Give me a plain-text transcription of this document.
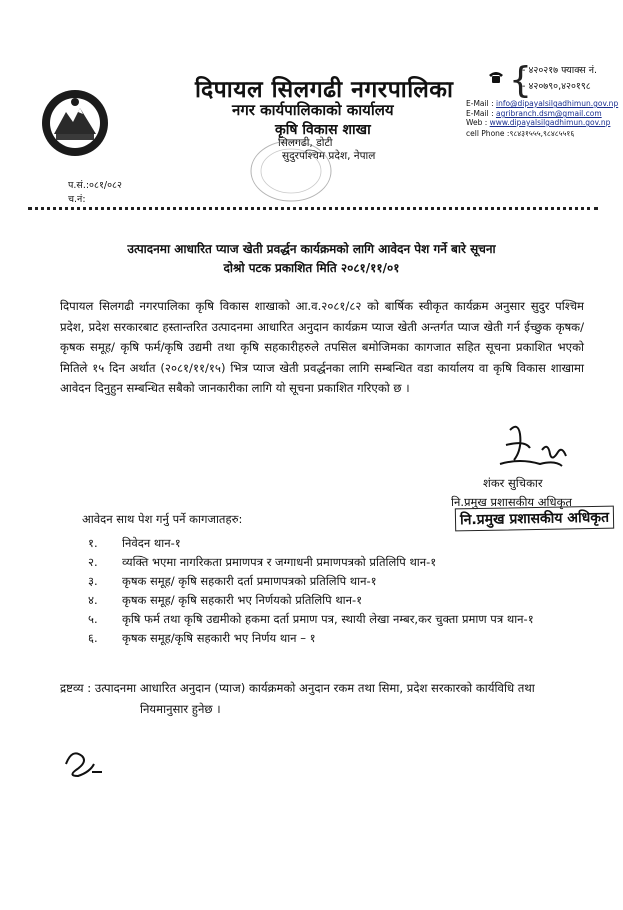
दिपायल सिलगढी नगरपालिका
नगर कार्यपालिकाको कार्यालय
कृषि विकास शाखा
सिलगढी, डोटी
सुदुरपश्चिम प्रदेश, नेपाल
{
- ४२०२१७ फ्याक्स नं.
- ४२०७९०,४२०१९८
E-Mail : info@dipayalsilgadhimun.gov.np
E-Mail : agribranch.dsm@gmail.com
Web : www.dipayalsilgadhimun.gov.np
cell Phone :९८४३१५५५,९८४८५५१६
प.सं.:०८१/०८२
च.नं:
उत्पादनमा आधारित प्याज खेती प्रवर्द्धन कार्यक्रमको लागि आवेदन पेश गर्ने बारे सूचना
दोश्रो पटक प्रकाशित मिति २०८१/११/०१
दिपायल सिलगढी नगरपालिका कृषि विकास शाखाको आ.व.२०८१/८२ को बार्षिक स्वीकृत कार्यक्रम अनुसार सुदुर पश्चिम प्रदेश, प्रदेश सरकारबाट हस्तान्तरित उत्पादनमा आधारित अनुदान कार्यक्रम प्याज खेती अन्तर्गत प्याज खेती गर्न ईच्छुक कृषक/कृषक समूह/ कृषि फर्म/कृषि उद्यमी तथा कृषि सहकारीहरुले तपसिल बमोजिमका कागजात सहित सूचना प्रकाशित भएको मितिले १५ दिन अर्थात (२०८१/११/१५) भित्र प्याज खेती प्रवर्द्धनका लागि सम्बन्धित वडा कार्यालय वा कृषि विकास शाखामा आवेदन दिनुहुन सम्बन्धित सबैको जानकारीका लागि यो सूचना प्रकाशित गरिएको छ ।
शंकर सुचिकार
नि.प्रमुख प्रशासकीय अधिकृत
नि.प्रमुख प्रशासकीय अधिकृत
आवेदन साथ पेश गर्नु पर्ने कागजातहरु:
१. निवेदन थान-१
२. व्यक्ति भएमा नागरिकता प्रमाणपत्र र जग्गाधनी प्रमाणपत्रको प्रतिलिपि थान-१
३. कृषक समूह/ कृषि सहकारी दर्ता प्रमाणपत्रको प्रतिलिपि थान-१
४. कृषक समूह/ कृषि सहकारी भए निर्णयको प्रतिलिपि थान-१
५. कृषि फर्म तथा कृषि उद्यमीको हकमा दर्ता प्रमाण पत्र, स्थायी लेखा नम्बर,कर चुक्ता प्रमाण पत्र थान-१
६. कृषक समूह/कृषि सहकारी भए निर्णय थान – १
द्रष्टव्य : उत्पादनमा आधारित अनुदान (प्याज) कार्यक्रमको अनुदान रकम तथा सिमा, प्रदेश सरकारको कार्यविधि तथा
नियमानुसार हुनेछ ।
